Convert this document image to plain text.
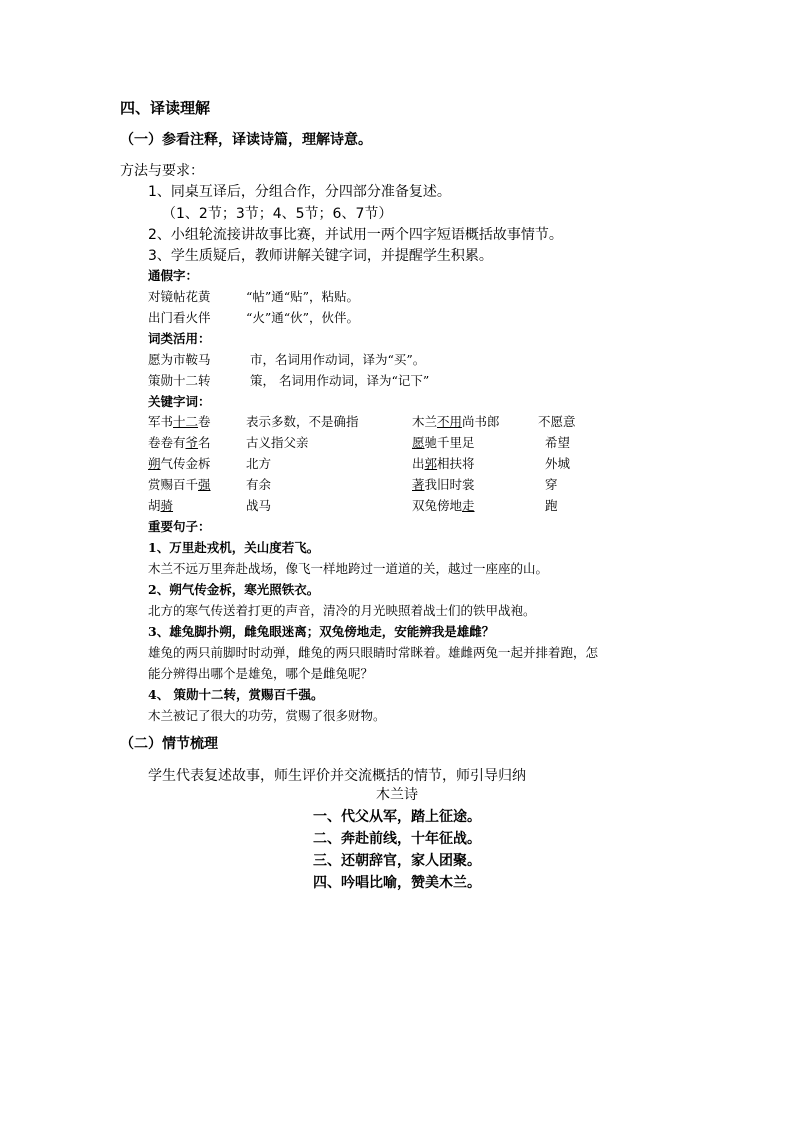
四、译读理解
（一）参看注释，译读诗篇，理解诗意。
方法与要求：
1、同桌互译后，分组合作，分四部分准备复述。
（1、2节；3节；4、5节；6、7节）
2、小组轮流接讲故事比赛，并试用一两个四字短语概括故事情节。
3、学生质疑后，教师讲解关键字词，并提醒学生积累。
通假字：
对镜帖花黄	“帖”通“贴”，粘贴。
出门看火伴	“火”通“伙”，伙伴。
词类活用：
愿为市鞍马	市，名词用作动词，译为“买”。
策勋十二转	策， 名词用作动词，译为“记下”
关键字词：
军书十二卷	表示多数，不是确指	木兰不用尚书郎	不愿意
卷卷有爷名	古义指父亲	愿驰千里足	希望
朔气传金柝	北方	出郭相扶将	外城
赏赐百千强	有余	著我旧时裳	穿
胡骑	战马	双兔傍地走	跑
重要句子：
1、万里赴戎机，关山度若飞。
木兰不远万里奔赴战场，像飞一样地跨过一道道的关，越过一座座的山。
2、朔气传金柝，寒光照铁衣。
北方的寒气传送着打更的声音，清冷的月光映照着战士们的铁甲战袍。
3、雄兔脚扑朔，雌兔眼迷离；双兔傍地走，安能辨我是雄雌？
雄兔的两只前脚时时动弹，雌兔的两只眼睛时常眯着。雄雌两兔一起并排着跑，怎
能分辨得出哪个是雄兔，哪个是雌兔呢？
4、 策勋十二转，赏赐百千强。
木兰被记了很大的功劳，赏赐了很多财物。
（二）情节梳理
学生代表复述故事，师生评价并交流概括的情节，师引导归纳
木兰诗
一、代父从军，踏上征途。
二、奔赴前线，十年征战。
三、还朝辞官，家人团聚。
四、吟唱比喻，赞美木兰。
